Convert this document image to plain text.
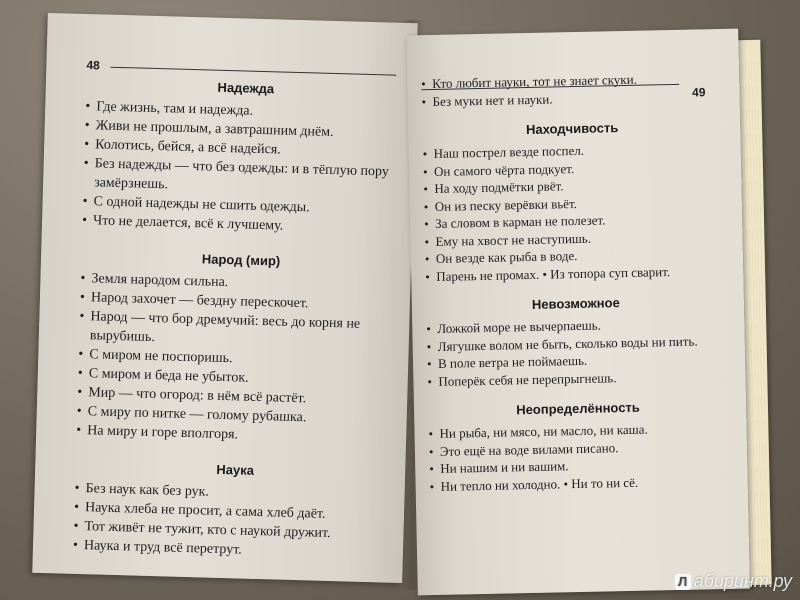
48
Надежда
• Где жизнь, там и надежда.
• Живи не прошлым, а завтрашним днём.
• Колотись, бейся, а всё надейся.
• Без надежды — что без одежды: и в тёплую пору замёрзнешь.
• С одной надежды не сшить одежды.
• Что не делается, всё к лучшему.
Народ (мир)
• Земля народом сильна.
• Народ захочет — бездну перескочет.
• Народ — что бор дремучий: весь до корня не вырубишь.
• С миром не поспоришь.
• С миром и беда не убыток.
• Мир — что огород: в нём всё растёт.
• С миру по нитке — голому рубашка.
• На миру и горе вполгоря.
Наука
• Без наук как без рук.
• Наука хлеба не просит, а сама хлеб даёт.
• Тот живёт не тужит, кто с наукой дружит.
• Наука и труд всё перетрут.
49
• Кто любит науки, тот не знает скуки.
• Без муки нет и науки.
Находчивость
• Наш пострел везде поспел.
• Он самого чёрта подкует.
• На ходу подмётки рвёт.
• Он из песку верёвки вьёт.
• За словом в карман не полезет.
• Ему на хвост не наступишь.
• Он везде как рыба в воде.
• Парень не промах. • Из топора суп сварит.
Невозможное
• Ложкой море не вычерпаешь.
• Лягушке волом не быть, сколько воды ни пить.
• В поле ветра не поймаешь.
• Поперёк себя не перепрыгнешь.
Неопределённость
• Ни рыба, ни мясо, ни масло, ни каша.
• Это ещё на воде вилами писано.
• Ни нашим и ни вашим.
• Ни тепло ни холодно. • Ни то ни сё.
Л абиринт.ру
